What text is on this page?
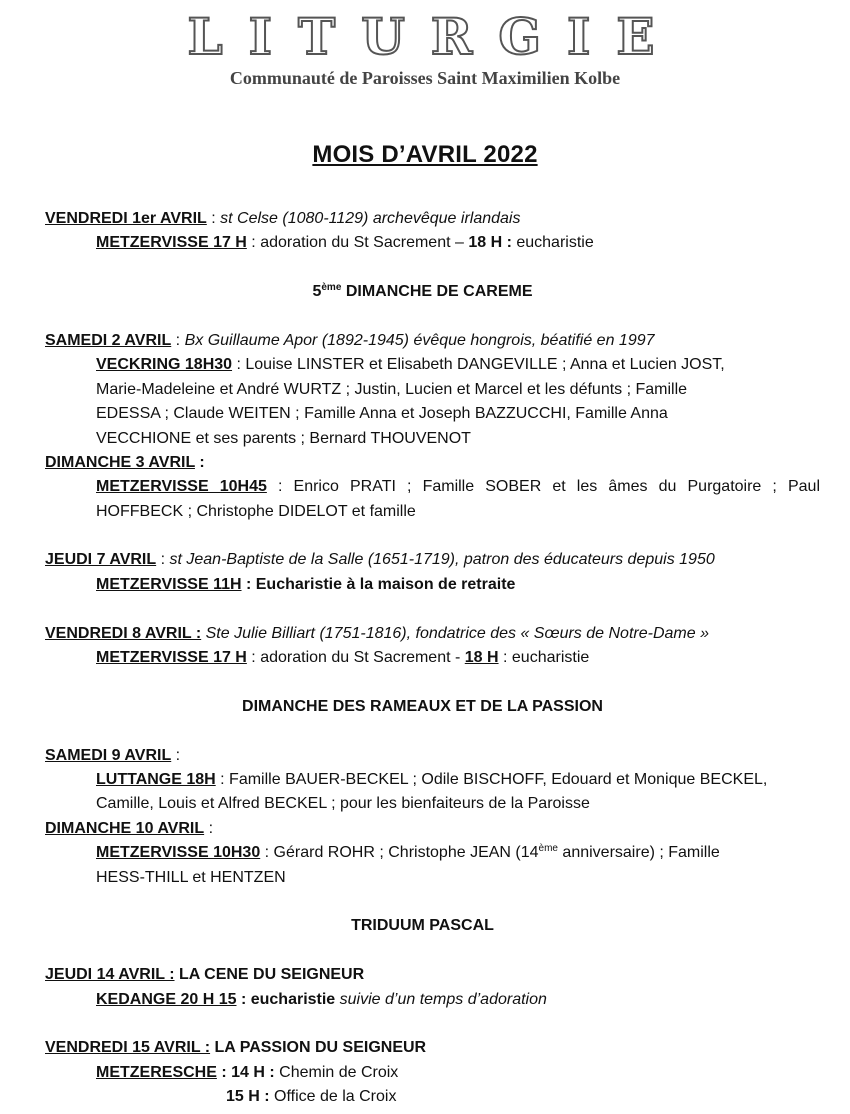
LITURGIE
Communauté de Paroisses Saint Maximilien Kolbe
MOIS D’AVRIL 2022
VENDREDI 1er AVRIL : st Celse (1080-1129) archevêque irlandais
METZERVISSE 17 H : adoration du St Sacrement – 18 H : eucharistie
5ème DIMANCHE DE CAREME
SAMEDI 2 AVRIL : Bx Guillaume Apor (1892-1945) évêque hongrois, béatifié en 1997
VECKRING 18H30 : Louise LINSTER et Elisabeth DANGEVILLE ; Anna et Lucien JOST,
Marie-Madeleine et André WURTZ ; Justin, Lucien et Marcel et les défunts ; Famille
EDESSA ; Claude WEITEN ; Famille Anna et Joseph BAZZUCCHI, Famille Anna
VECCHIONE et ses parents ; Bernard THOUVENOT
DIMANCHE 3 AVRIL :
METZERVISSE 10H45 : Enrico PRATI ; Famille SOBER et les âmes du Purgatoire ; Paul
HOFFBECK ; Christophe DIDELOT et famille
JEUDI 7 AVRIL : st Jean-Baptiste de la Salle (1651-1719), patron des éducateurs depuis 1950
METZERVISSE 11H : Eucharistie à la maison de retraite
VENDREDI 8 AVRIL : Ste Julie Billiart (1751-1816), fondatrice des « Sœurs de Notre-Dame »
METZERVISSE 17 H : adoration du St Sacrement - 18 H : eucharistie
DIMANCHE DES RAMEAUX ET DE LA PASSION
SAMEDI 9 AVRIL :
LUTTANGE 18H : Famille BAUER-BECKEL ; Odile BISCHOFF, Edouard et Monique BECKEL,
Camille, Louis et Alfred BECKEL ; pour les bienfaiteurs de la Paroisse
DIMANCHE 10 AVRIL :
METZERVISSE 10H30 : Gérard ROHR ; Christophe JEAN (14ème anniversaire) ; Famille
HESS-THILL et HENTZEN
TRIDUUM PASCAL
JEUDI 14 AVRIL : LA CENE DU SEIGNEUR
KEDANGE 20 H 15 : eucharistie suivie d’un temps d’adoration
VENDREDI 15 AVRIL : LA PASSION DU SEIGNEUR
METZERESCHE : 14 H : Chemin de Croix
15 H : Office de la Croix
